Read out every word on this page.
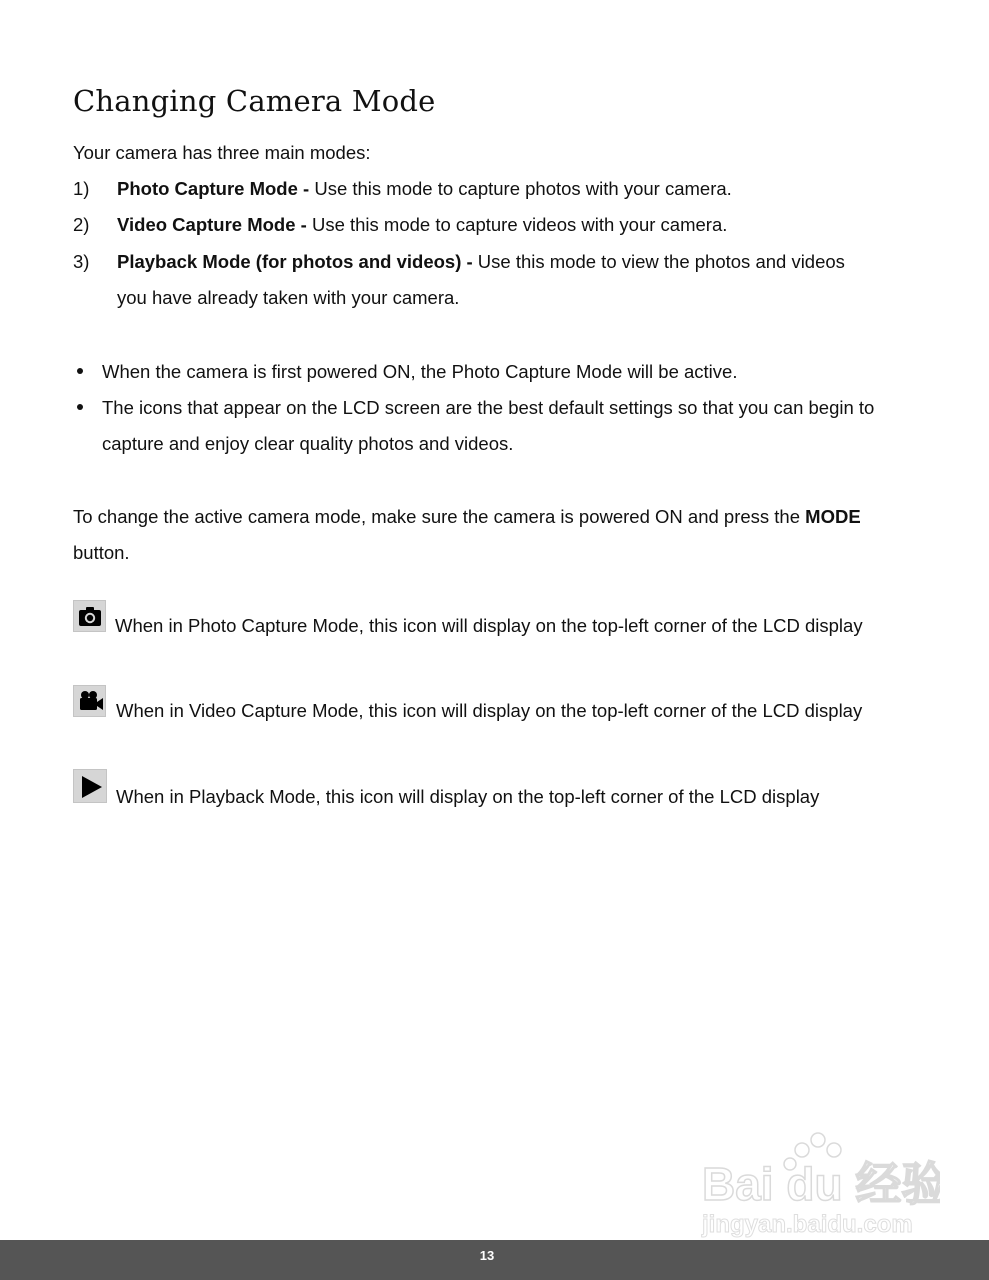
Changing Camera Mode
Your camera has three main modes:
1) Photo Capture Mode - Use this mode to capture photos with your camera.
2) Video Capture Mode - Use this mode to capture videos with your camera.
3) Playback Mode (for photos and videos) - Use this mode to view the photos and videos
you have already taken with your camera.
When the camera is first powered ON, the Photo Capture Mode will be active.
The icons that appear on the LCD screen are the best default settings so that you can begin to
capture and enjoy clear quality photos and videos.
To change the active camera mode, make sure the camera is powered ON and press the MODE
button.
When in Photo Capture Mode, this icon will display on the top-left corner of the LCD display
When in Video Capture Mode, this icon will display on the top-left corner of the LCD display
When in Playback Mode, this icon will display on the top-left corner of the LCD display
Bai du 经验
jingyan.baidu.com
13
